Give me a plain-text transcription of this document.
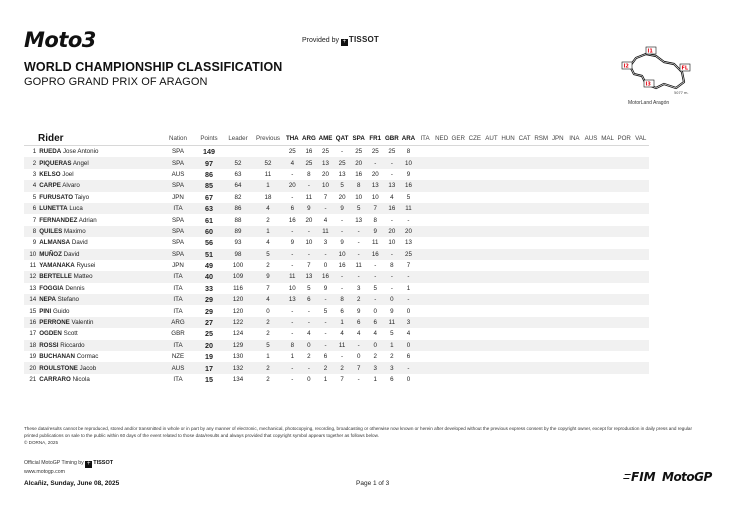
Moto3	Provided by + TISSOT
WORLD CHAMPIONSHIP CLASSIFICATION
GOPRO GRAND PRIX OF ARAGON
I1
I2
I3
FL
5077 m.
MotorLand Aragón
Rider		Nation	Points	Leader	Previous	THA	ARG	AME	QAT	SPA	FR1	GBR	ARA	ITA	NED	GER	CZE	AUT	HUN	CAT	RSM	JPN	INA	AUS	MAL	POR	VAL
1	RUEDA Jose Antonio	SPA	149			25	16	25	-	25	25	25	8														
2	PIQUERAS Angel	SPA	97	52	52	4	25	13	25	20	-	-	10														
3	KELSO Joel	AUS	86	63	11	-	8	20	13	16	20	-	9														
4	CARPE Alvaro	SPA	85	64	1	20	-	10	5	8	13	13	16														
5	FURUSATO Taiyo	JPN	67	82	18	-	11	7	20	10	10	4	5														
6	LUNETTA Luca	ITA	63	86	4	6	9	-	9	5	7	16	11														
7	FERNANDEZ Adrian	SPA	61	88	2	16	20	4	-	13	8	-	-														
8	QUILES Maximo	SPA	60	89	1	-	-	11	-	-	9	20	20														
9	ALMANSA David	SPA	56	93	4	9	10	3	9	-	11	10	13														
10	MUÑOZ David	SPA	51	98	5	-	-	-	10	-	16	-	25														
11	YAMANAKA Ryusei	JPN	49	100	2	-	7	0	16	11	-	8	7														
12	BERTELLE Matteo	ITA	40	109	9	11	13	16	-	-	-	-	-														
13	FOGGIA Dennis	ITA	33	116	7	10	5	9	-	3	5	-	1														
14	NEPA Stefano	ITA	29	120	4	13	6	-	8	2	-	0	-														
15	PINI Guido	ITA	29	120	0	-	-	5	6	9	0	9	0														
16	PERRONE Valentin	ARG	27	122	2	-	-	-	1	6	6	11	3														
17	OGDEN Scott	GBR	25	124	2	-	4	-	4	4	4	5	4														
18	ROSSI Riccardo	ITA	20	129	5	8	0	-	11	-	0	1	0														
19	BUCHANAN Cormac	NZE	19	130	1	1	2	6	-	0	2	2	6														
20	ROULSTONE Jacob	AUS	17	132	2	-	-	2	2	7	3	3	-														
21	CARRARO Nicola	ITA	15	134	2	-	0	1	7	-	1	6	0														
These data/results cannot be reproduced, stored and/or transmitted in whole or in part by any manner of electronic, mechanical, photocopying, recording, broadcasting or otherwise now known or herein after developed without the previous express consent by the copyright owner, except for reproduction in daily press and regular printed publications on sale to the public within 60 days of the event related to those data/results and always provided that copyright symbol appears together as follows below.
© DORNA, 2025
Official MotoGP Timing by + TISSOT
www.motogp.com
Alcañiz, Sunday, June 08, 2025	Page 1 of 3	FIM MotoGP
